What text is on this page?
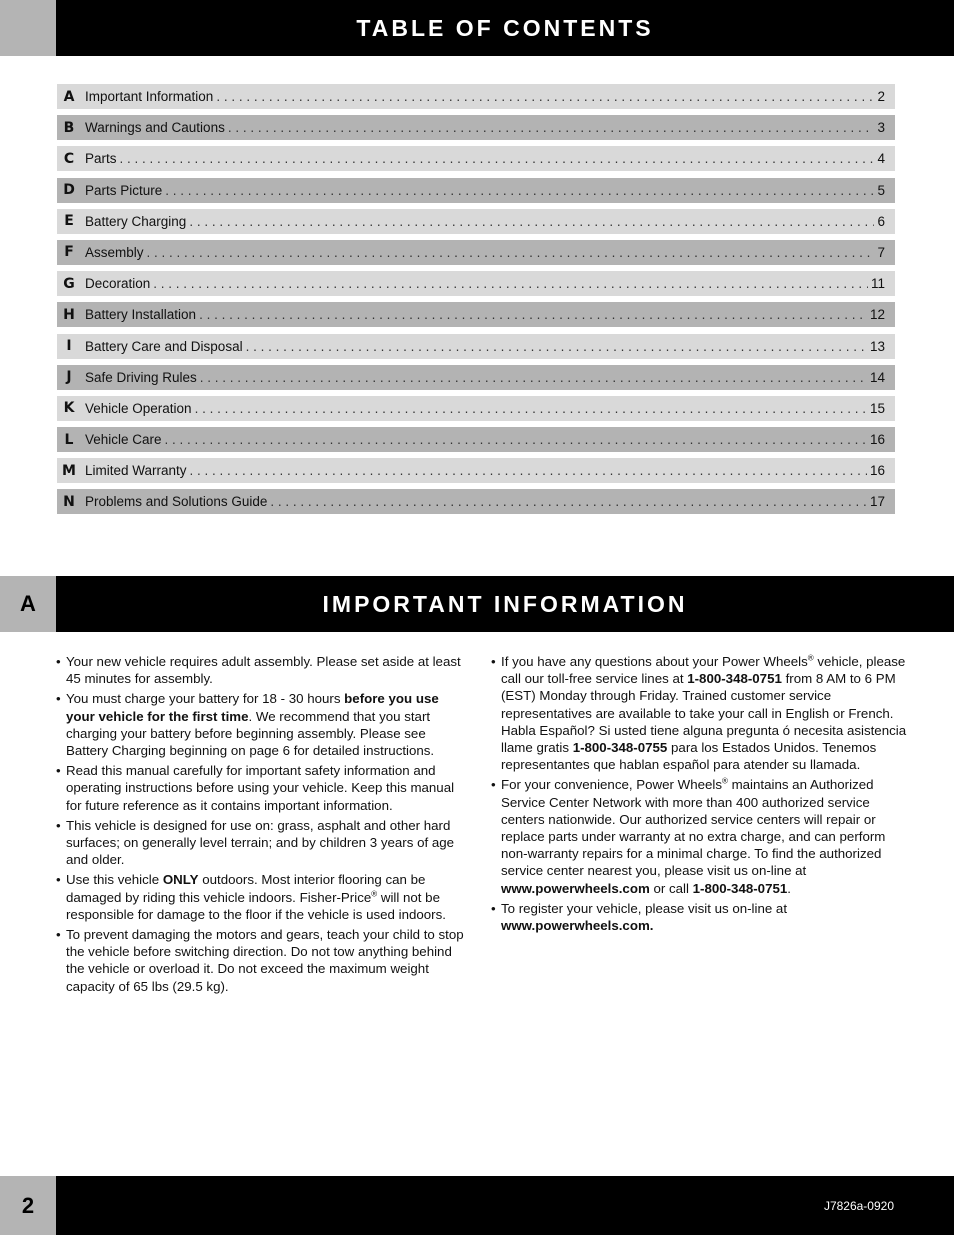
TABLE OF CONTENTS
A Important Information . . .	2
B Warnings and Cautions . . .	3
C Parts . . .	4
D Parts Picture . . .	5
E Battery Charging . . .	6
F Assembly . . .	7
G Decoration . . .	11
H Battery Installation . . .	12
I Battery Care and Disposal . . .	13
J Safe Driving Rules . . .	14
K Vehicle Operation . . .	15
L Vehicle Care . . .	16
M Limited Warranty . . .	16
N Problems and Solutions Guide . . .	17
A	IMPORTANT INFORMATION
• Your new vehicle requires adult assembly. Please set aside at least 45 minutes for assembly.
• You must charge your battery for 18 - 30 hours before you use your vehicle for the first time. We recommend that you start charging your battery before beginning assembly. Please see Battery Charging beginning on page 6 for detailed instructions.
• Read this manual carefully for important safety information and operating instructions before using your vehicle. Keep this manual for future reference as it contains important information.
• This vehicle is designed for use on: grass, asphalt and other hard surfaces; on generally level terrain; and by children 3 years of age and older.
• Use this vehicle ONLY outdoors. Most interior flooring can be damaged by riding this vehicle indoors. Fisher-Price® will not be responsible for damage to the floor if the vehicle is used indoors.
• To prevent damaging the motors and gears, teach your child to stop the vehicle before switching direction. Do not tow anything behind the vehicle or overload it. Do not exceed the maximum weight capacity of 65 lbs (29.5 kg).
• If you have any questions about your Power Wheels® vehicle, please call our toll-free service lines at 1-800-348-0751 from 8 AM to 6 PM (EST) Monday through Friday. Trained customer service representatives are available to take your call in English or French. Habla Español? Si usted tiene alguna pregunta ó necesita asistencia llame gratis 1-800-348-0755 para los Estados Unidos. Tenemos representantes que hablan español para atender su llamada.
• For your convenience, Power Wheels® maintains an Authorized Service Center Network with more than 400 authorized service centers nationwide. Our authorized service centers will repair or replace parts under warranty at no extra charge, and can perform non-warranty repairs for a minimal charge. To find the authorized service center nearest you, please visit us on-line at www.powerwheels.com or call 1-800-348-0751.
• To register your vehicle, please visit us on-line at www.powerwheels.com.
2	J7826a-0920
